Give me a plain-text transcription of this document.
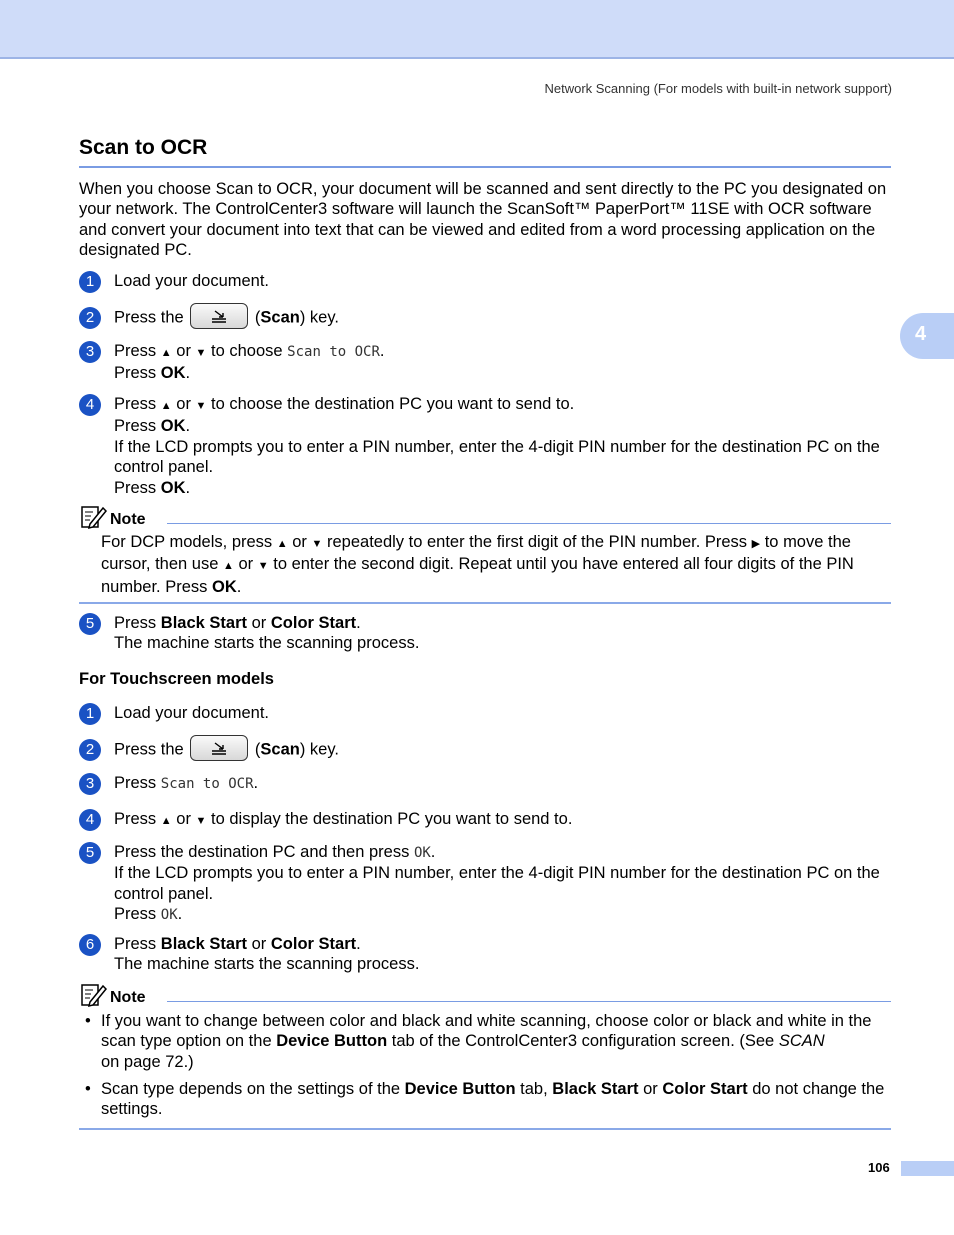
Network Scanning (For models with built-in network support)
4
Scan to OCR
When you choose Scan to OCR, your document will be scanned and sent directly to the PC you designated on your network. The ControlCenter3 software will launch the ScanSoft™ PaperPort™ 11SE with OCR software and convert your document into text that can be viewed and edited from a word processing application on the designated PC.
1	Load your document.
2	Press the	(Scan) key.
3	Press ▲ or ▼ to choose Scan to OCR.
Press OK.
4	Press ▲ or ▼ to choose the destination PC you want to send to.
Press OK.
If the LCD prompts you to enter a PIN number, enter the 4-digit PIN number for the destination PC on the control panel.
Press OK.
Note
For DCP models, press ▲ or ▼ repeatedly to enter the first digit of the PIN number. Press ▶ to move the cursor, then use ▲ or ▼ to enter the second digit. Repeat until you have entered all four digits of the PIN number. Press OK.
5	Press Black Start or Color Start.
The machine starts the scanning process.
For Touchscreen models
1	Load your document.
2	Press the	(Scan) key.
3	Press Scan to OCR.
4	Press ▲ or ▼ to display the destination PC you want to send to.
5	Press the destination PC and then press OK.
If the LCD prompts you to enter a PIN number, enter the 4-digit PIN number for the destination PC on the control panel.
Press OK.
6	Press Black Start or Color Start.
The machine starts the scanning process.
Note
• If you want to change between color and black and white scanning, choose color or black and white in the scan type option on the Device Button tab of the ControlCenter3 configuration screen. (See SCAN
on page 72.)
• Scan type depends on the settings of the Device Button tab, Black Start or Color Start do not change the settings.
106
